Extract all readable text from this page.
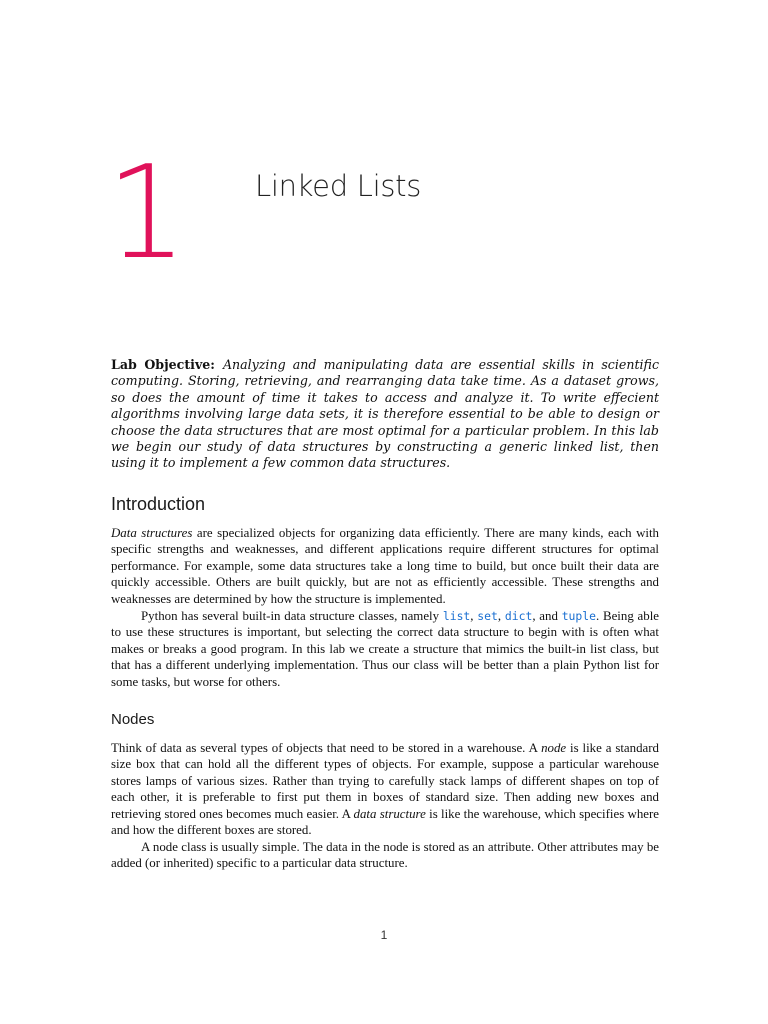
1 Linked Lists

Lab Objective: Analyzing and manipulating data are essential skills in scientific computing. Storing, retrieving, and rearranging data take time. As a dataset grows, so does the amount of time it takes to access and analyze it. To write effecient algorithms involving large data sets, it is therefore essential to be able to design or choose the data structures that are most optimal for a particular problem. In this lab we begin our study of data structures by constructing a generic linked list, then using it to implement a few common data structures.

Introduction

Data structures are specialized objects for organizing data efficiently. There are many kinds, each with specific strengths and weaknesses, and different applications require different structures for optimal performance. For example, some data structures take a long time to build, but once built their data are quickly accessible. Others are built quickly, but are not as efficiently accessible. These strengths and weaknesses are determined by how the structure is implemented.

Python has several built-in data structure classes, namely list, set, dict, and tuple. Being able to use these structures is important, but selecting the correct data structure to begin with is often what makes or breaks a good program. In this lab we create a structure that mimics the built-in list class, but that has a different underlying implementation. Thus our class will be better than a plain Python list for some tasks, but worse for others.

Nodes

Think of data as several types of objects that need to be stored in a warehouse. A node is like a standard size box that can hold all the different types of objects. For example, suppose a particular warehouse stores lamps of various sizes. Rather than trying to carefully stack lamps of different shapes on top of each other, it is preferable to first put them in boxes of standard size. Then adding new boxes and retrieving stored ones becomes much easier. A data structure is like the warehouse, which specifies where and how the different boxes are stored.

A node class is usually simple. The data in the node is stored as an attribute. Other attributes may be added (or inherited) specific to a particular data structure.

1
